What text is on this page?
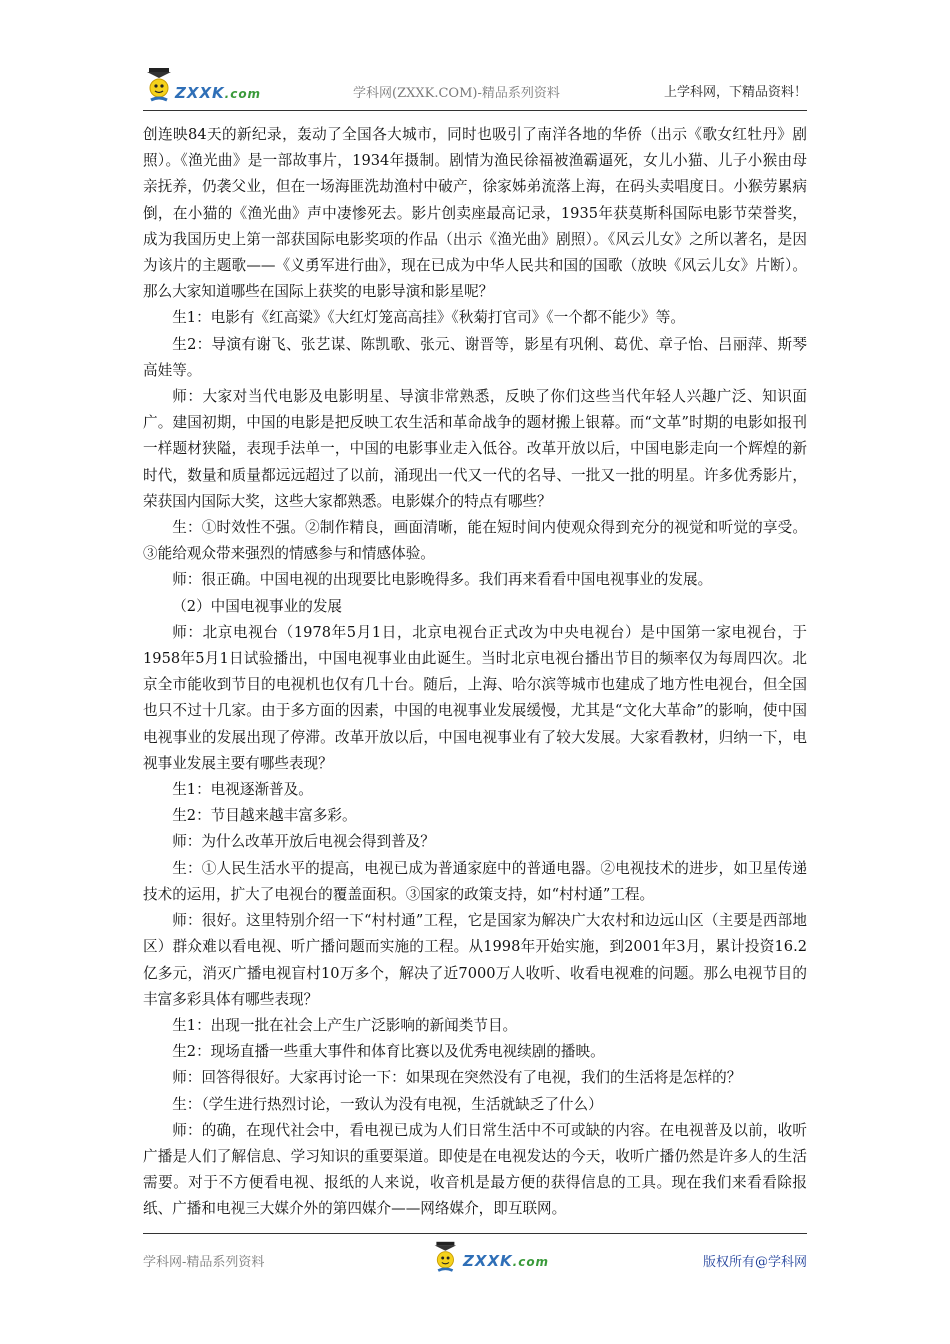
ZXXK.com	学科网(ZXXK.COM)-精品系列资料	上学科网，下精品资料！

创连映84天的新纪录，轰动了全国各大城市，同时也吸引了南洋各地的华侨（出示《歌女红牡丹》剧照）。《渔光曲》是一部故事片，1934年摄制。剧情为渔民徐福被渔霸逼死，女儿小猫、儿子小猴由母亲抚养，仍袭父业，但在一场海匪洗劫渔村中破产，徐家姊弟流落上海，在码头卖唱度日。小猴劳累病倒，在小猫的《渔光曲》声中凄惨死去。影片创卖座最高记录，1935年获莫斯科国际电影节荣誉奖，成为我国历史上第一部获国际电影奖项的作品（出示《渔光曲》剧照）。《风云儿女》之所以著名，是因为该片的主题歌——《义勇军进行曲》，现在已成为中华人民共和国的国歌（放映《风云儿女》片断）。那么大家知道哪些在国际上获奖的电影导演和影星呢？

生1：电影有《红高粱》《大红灯笼高高挂》《秋菊打官司》《一个都不能少》等。

生2：导演有谢飞、张艺谋、陈凯歌、张元、谢晋等，影星有巩俐、葛优、章子怡、吕丽萍、斯琴高娃等。

师：大家对当代电影及电影明星、导演非常熟悉，反映了你们这些当代年轻人兴趣广泛、知识面广。建国初期，中国的电影是把反映工农生活和革命战争的题材搬上银幕。而“文革”时期的电影如报刊一样题材狭隘，表现手法单一，中国的电影事业走入低谷。改革开放以后，中国电影走向一个辉煌的新时代，数量和质量都远远超过了以前，涌现出一代又一代的名导、一批又一批的明星。许多优秀影片，荣获国内国际大奖，这些大家都熟悉。电影媒介的特点有哪些？

生：①时效性不强。②制作精良，画面清晰，能在短时间内使观众得到充分的视觉和听觉的享受。③能给观众带来强烈的情感参与和情感体验。

师：很正确。中国电视的出现要比电影晚得多。我们再来看看中国电视事业的发展。

（2）中国电视事业的发展

师：北京电视台（1978年5月1日，北京电视台正式改为中央电视台）是中国第一家电视台，于1958年5月1日试验播出，中国电视事业由此诞生。当时北京电视台播出节目的频率仅为每周四次。北京全市能收到节目的电视机也仅有几十台。随后，上海、哈尔滨等城市也建成了地方性电视台，但全国也只不过十几家。由于多方面的因素，中国的电视事业发展缓慢，尤其是“文化大革命”的影响，使中国电视事业的发展出现了停滞。改革开放以后，中国电视事业有了较大发展。大家看教材，归纳一下，电视事业发展主要有哪些表现？

生1：电视逐渐普及。

生2：节目越来越丰富多彩。

师：为什么改革开放后电视会得到普及？

生：①人民生活水平的提高，电视已成为普通家庭中的普通电器。②电视技术的进步，如卫星传递技术的运用，扩大了电视台的覆盖面积。③国家的政策支持，如“村村通”工程。

师：很好。这里特别介绍一下“村村通”工程，它是国家为解决广大农村和边远山区（主要是西部地区）群众难以看电视、听广播问题而实施的工程。从1998年开始实施，到2001年3月，累计投资16.2亿多元，消灭广播电视盲村10万多个，解决了近7000万人收听、收看电视难的问题。那么电视节目的丰富多彩具体有哪些表现？

生1：出现一批在社会上产生广泛影响的新闻类节目。

生2：现场直播一些重大事件和体育比赛以及优秀电视续剧的播映。

师：回答得很好。大家再讨论一下：如果现在突然没有了电视，我们的生活将是怎样的？

生：（学生进行热烈讨论，一致认为没有电视，生活就缺乏了什么）

师：的确，在现代社会中，看电视已成为人们日常生活中不可或缺的内容。在电视普及以前，收听广播是人们了解信息、学习知识的重要渠道。即使是在电视发达的今天，收听广播仍然是许多人的生活需要。对于不方便看电视、报纸的人来说，收音机是最方便的获得信息的工具。现在我们来看看除报纸、广播和电视三大媒介外的第四媒介——网络媒介，即互联网。

学科网-精品系列资料	ZXXK.com	版权所有@学科网
